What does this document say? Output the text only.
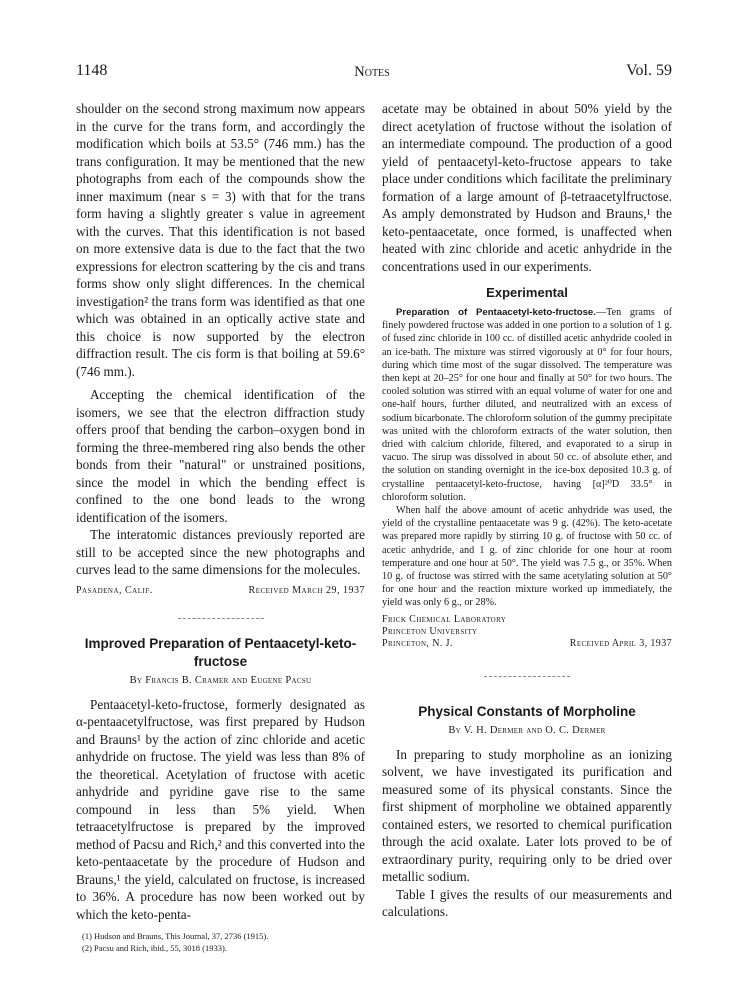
1148	Notes	Vol. 59

shoulder on the second strong maximum now appears in the curve for the trans form, and accordingly the modification which boils at 53.5° (746 mm.) has the trans configuration. It may be mentioned that the new photographs from each of the compounds show the inner maximum (near s = 3) with that for the trans form having a slightly greater s value in agreement with the curves. That this identification is not based on more extensive data is due to the fact that the two expressions for electron scattering by the cis and trans forms show only slight differences. In the chemical investigation² the trans form was identified as that one which was obtained in an optically active state and this choice is now supported by the electron diffraction result. The cis form is that boiling at 59.6° (746 mm.).

Accepting the chemical identification of the isomers, we see that the electron diffraction study offers proof that bending the carbon–oxygen bond in forming the three-membered ring also bends the other bonds from their "natural" or unstrained positions, since the model in which the bending effect is confined to the one bond leads to the wrong identification of the isomers.

The interatomic distances previously reported are still to be accepted since the new photographs and curves lead to the same dimensions for the molecules.

Pasadena, Calif.	Received March 29, 1937
Improved Preparation of Pentaacetyl-keto-fructose
By Francis B. Cramer and Eugene Pacsu

Pentaacetyl-keto-fructose, formerly designated as α-pentaacetylfructose, was first prepared by Hudson and Brauns¹ by the action of zinc chloride and acetic anhydride on fructose. The yield was less than 8% of the theoretical. Acetylation of fructose with acetic anhydride and pyridine gave rise to the same compound in less than 5% yield. When tetraacetylfructose is prepared by the improved method of Pacsu and Rich,² and this converted into the keto-pentaacetate by the procedure of Hudson and Brauns,¹ the yield, calculated on fructose, is increased to 36%. A procedure has now been worked out by which the keto-penta-

(1) Hudson and Brauns, This Journal, 37, 2736 (1915).
(2) Pacsu and Rich, ibid., 55, 3018 (1933).

acetate may be obtained in about 50% yield by the direct acetylation of fructose without the isolation of an intermediate compound. The production of a good yield of pentaacetyl-keto-fructose appears to take place under conditions which facilitate the preliminary formation of a large amount of β-tetraacetylfructose. As amply demonstrated by Hudson and Brauns,¹ the keto-pentaacetate, once formed, is unaffected when heated with zinc chloride and acetic anhydride in the concentrations used in our experiments.

Experimental

Preparation of Pentaacetyl-keto-fructose.—Ten grams of finely powdered fructose was added in one portion to a solution of 1 g. of fused zinc chloride in 100 cc. of distilled acetic anhydride cooled in an ice-bath. The mixture was stirred vigorously at 0° for four hours, during which time most of the sugar dissolved. The temperature was then kept at 20–25° for one hour and finally at 50° for two hours. The cooled solution was stirred with an equal volume of water for one and one-half hours, further diluted, and neutralized with an excess of sodium bicarbonate. The chloroform solution of the gummy precipitate was united with the chloroform extracts of the water solution, then dried with calcium chloride, filtered, and evaporated to a sirup in vacuo. The sirup was dissolved in about 50 cc. of absolute ether, and the solution on standing overnight in the ice-box deposited 10.3 g. of crystalline pentaacetyl-keto-fructose, having [α]²⁰D 33.5° in chloroform solution.

When half the above amount of acetic anhydride was used, the yield of the crystalline pentaacetate was 9 g. (42%). The keto-acetate was prepared more rapidly by stirring 10 g. of fructose with 50 cc. of acetic anhydride, and 1 g. of zinc chloride for one hour at room temperature and one hour at 50°. The yield was 7.5 g., or 35%. When 10 g. of fructose was stirred with the same acetylating solution at 50° for one hour and the reaction mixture worked up immediately, the yield was only 6 g., or 28%.

Frick Chemical Laboratory
Princeton University
Princeton, N. J.	Received April 3, 1937
Physical Constants of Morpholine
By V. H. Dermer and O. C. Dermer

In preparing to study morpholine as an ionizing solvent, we have investigated its purification and measured some of its physical constants. Since the first shipment of morpholine we obtained apparently contained esters, we resorted to chemical purification through the acid oxalate. Later lots proved to be of extraordinary purity, requiring only to be dried over metallic sodium.

Table I gives the results of our measurements and calculations.
